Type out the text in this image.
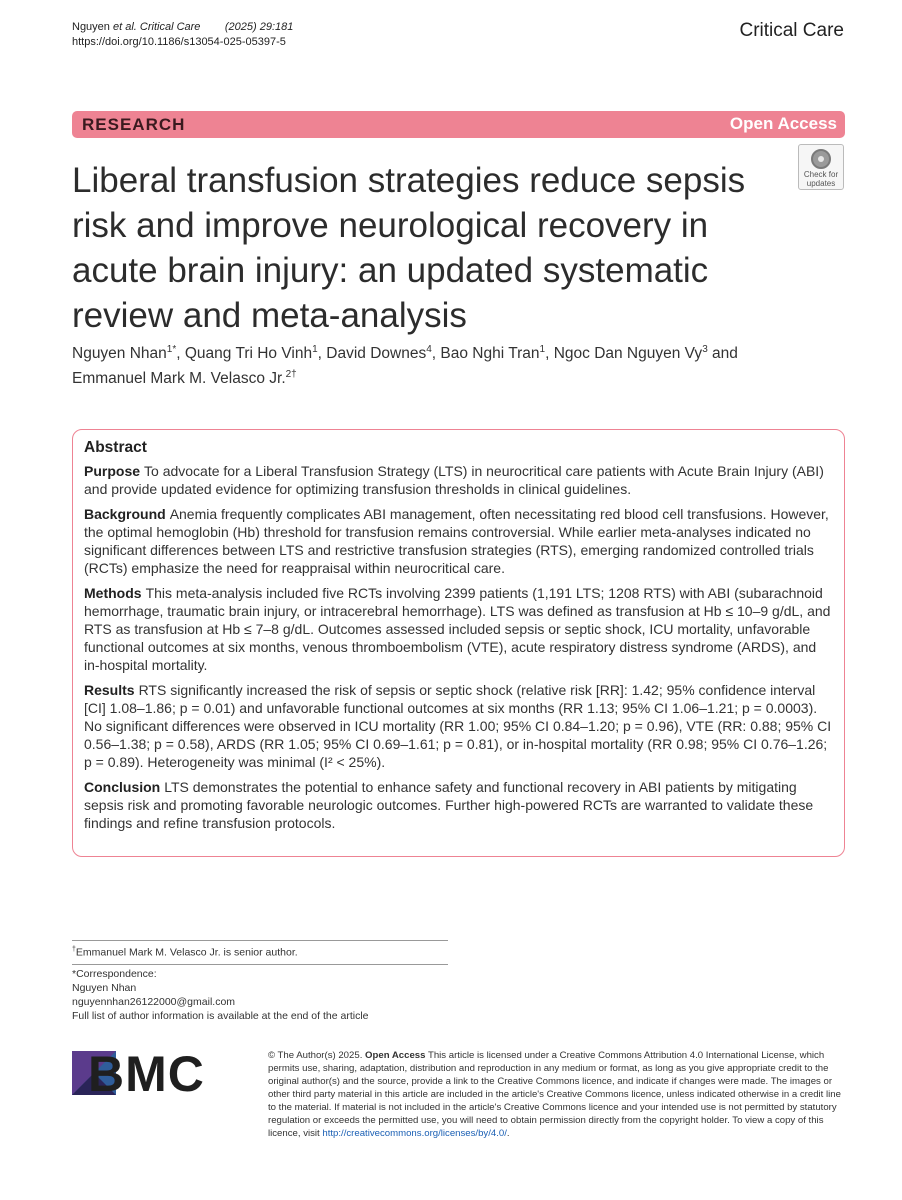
Nguyen et al. Critical Care (2025) 29:181
https://doi.org/10.1186/s13054-025-05397-5
Critical Care
RESEARCH	Open Access
Check for
updates
Liberal transfusion strategies reduce sepsis risk and improve neurological recovery in acute brain injury: an updated systematic review and meta-analysis
Nguyen Nhan$^{1*}$, Quang Tri Ho Vinh$^1$, David Downes$^4$, Bao Nghi Tran$^1$, Ngoc Dan Nguyen Vy$^3$ and
Emmanuel Mark M. Velasco Jr.$^{2\dagger}$
Abstract

Purpose To advocate for a Liberal Transfusion Strategy (LTS) in neurocritical care patients with Acute Brain Injury (ABI) and provide updated evidence for optimizing transfusion thresholds in clinical guidelines.

Background Anemia frequently complicates ABI management, often necessitating red blood cell transfusions. However, the optimal hemoglobin (Hb) threshold for transfusion remains controversial. While earlier meta-analyses indicated no significant differences between LTS and restrictive transfusion strategies (RTS), emerging randomized controlled trials (RCTs) emphasize the need for reappraisal within neurocritical care.

Methods This meta-analysis included five RCTs involving 2399 patients (1,191 LTS; 1208 RTS) with ABI (subarachnoid hemorrhage, traumatic brain injury, or intracerebral hemorrhage). LTS was defined as transfusion at Hb ≤ 10–9 g/dL, and RTS as transfusion at Hb ≤ 7–8 g/dL. Outcomes assessed included sepsis or septic shock, ICU mortality, unfavorable functional outcomes at six months, venous thromboembolism (VTE), acute respiratory distress syndrome (ARDS), and in-hospital mortality.

Results RTS significantly increased the risk of sepsis or septic shock (relative risk [RR]: 1.42; 95% confidence interval [CI] 1.08–1.86; p = 0.01) and unfavorable functional outcomes at six months (RR 1.13; 95% CI 1.06–1.21; p = 0.0003). No significant differences were observed in ICU mortality (RR 1.00; 95% CI 0.84–1.20; p = 0.96), VTE (RR: 0.88; 95% CI 0.56–1.38; p = 0.58), ARDS (RR 1.05; 95% CI 0.69–1.61; p = 0.81), or in-hospital mortality (RR 0.98; 95% CI 0.76–1.26; p = 0.89). Heterogeneity was minimal (I² < 25%).

Conclusion LTS demonstrates the potential to enhance safety and functional recovery in ABI patients by mitigating sepsis risk and promoting favorable neurologic outcomes. Further high-powered RCTs are warranted to validate these findings and refine transfusion protocols.

†Emmanuel Mark M. Velasco Jr. is senior author.
*Correspondence:
Nguyen Nhan
nguyennhan26122000@gmail.com
Full list of author information is available at the end of the article
BMC	© The Author(s) 2025. Open Access This article is licensed under a Creative Commons Attribution 4.0 International License, which permits use, sharing, adaptation, distribution and reproduction in any medium or format, as long as you give appropriate credit to the original author(s) and the source, provide a link to the Creative Commons licence, and indicate if changes were made. The images or other third party material in this article are included in the article's Creative Commons licence, unless indicated otherwise in a credit line to the material. If material is not included in the article's Creative Commons licence and your intended use is not permitted by statutory regulation or exceeds the permitted use, you will need to obtain permission directly from the copyright holder. To view a copy of this licence, visit http://creativecommons.org/licenses/by/4.0/.
